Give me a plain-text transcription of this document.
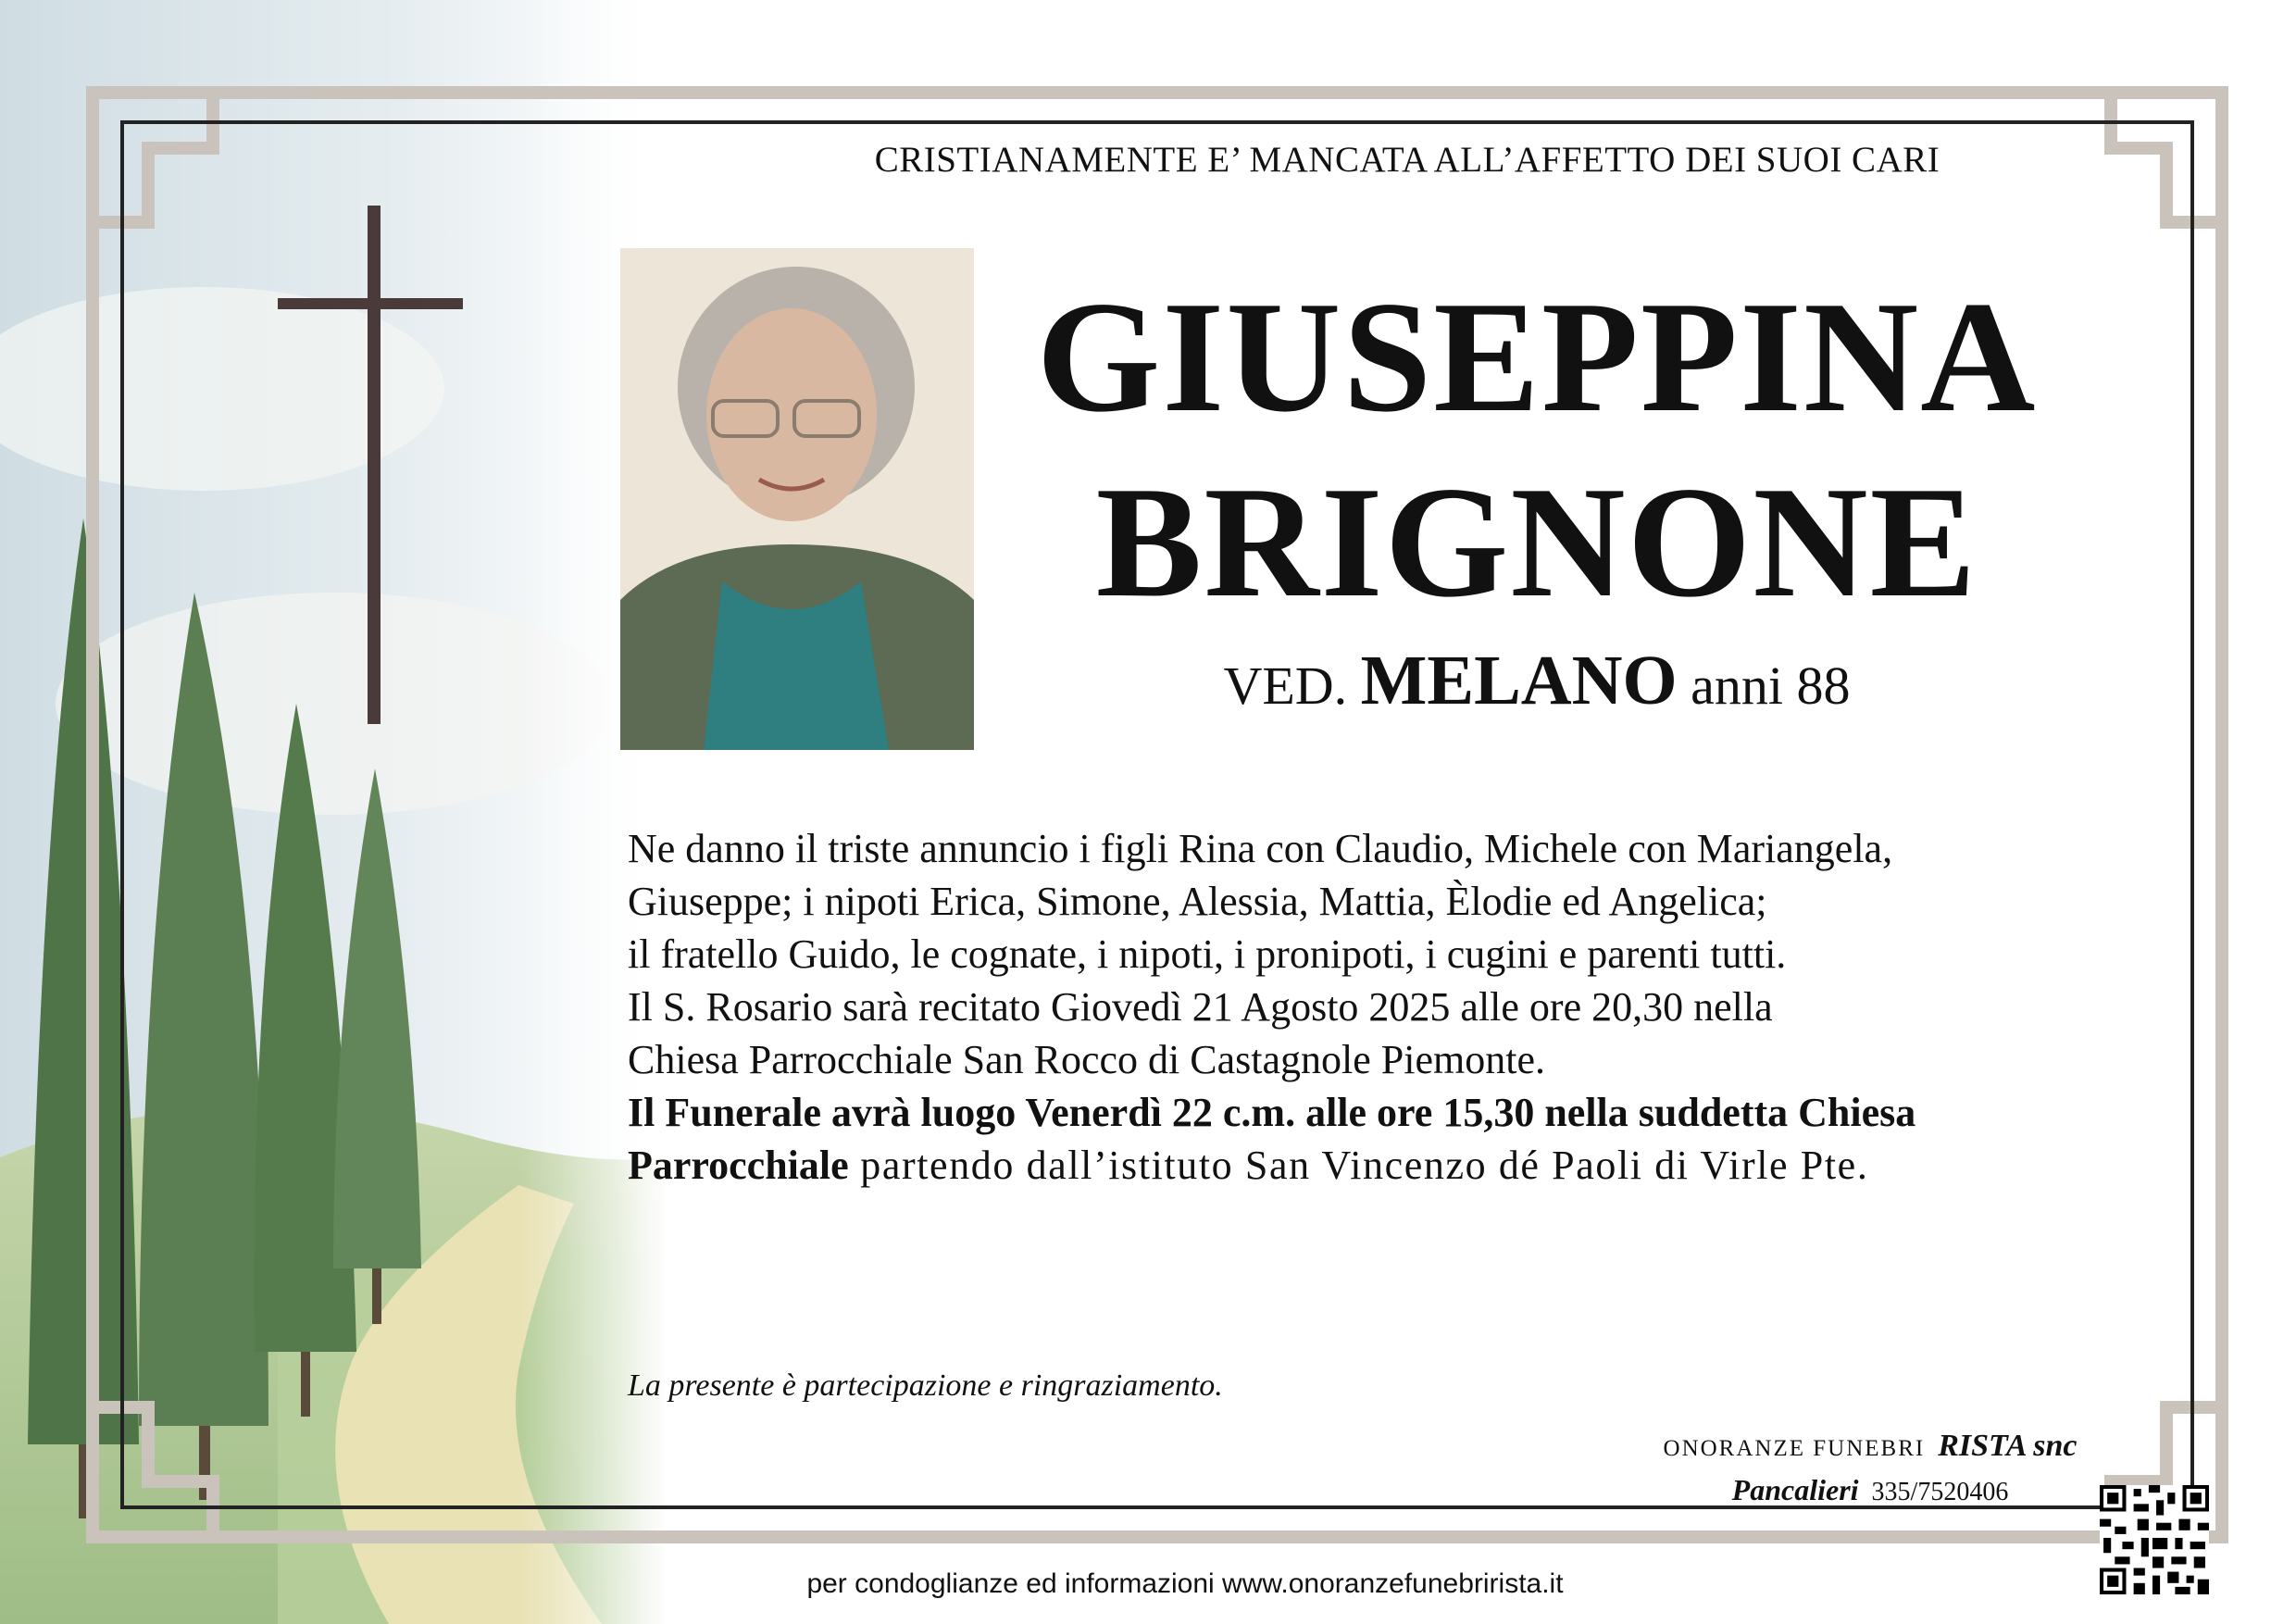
CRISTIANAMENTE E’ MANCATA ALL’AFFETTO DEI SUOI CARI
GIUSEPPINA
BRIGNONE
VED. MELANO anni 88

Ne danno il triste annuncio i figli Rina con Claudio, Michele con Mariangela,

Giuseppe; i nipoti Erica, Simone, Alessia, Mattia, Èlodie ed Angelica;

il fratello Guido, le cognate, i nipoti, i pronipoti, i cugini e parenti tutti.

Il S. Rosario sarà recitato Giovedì 21 Agosto 2025 alle ore 20,30 nella

Chiesa Parrocchiale San Rocco di Castagnole Piemonte.

Il Funerale avrà luogo Venerdì 22 c.m. alle ore 15,30 nella suddetta Chiesa

Parrocchiale partendo dall’istituto San Vincenzo dé Paoli di Virle Pte.

La presente è partecipazione e ringraziamento.
ONORANZE FUNEBRI RISTA snc
Pancalieri 335/7520406
per condoglianze ed informazioni www.onoranzefunebrirista.it
